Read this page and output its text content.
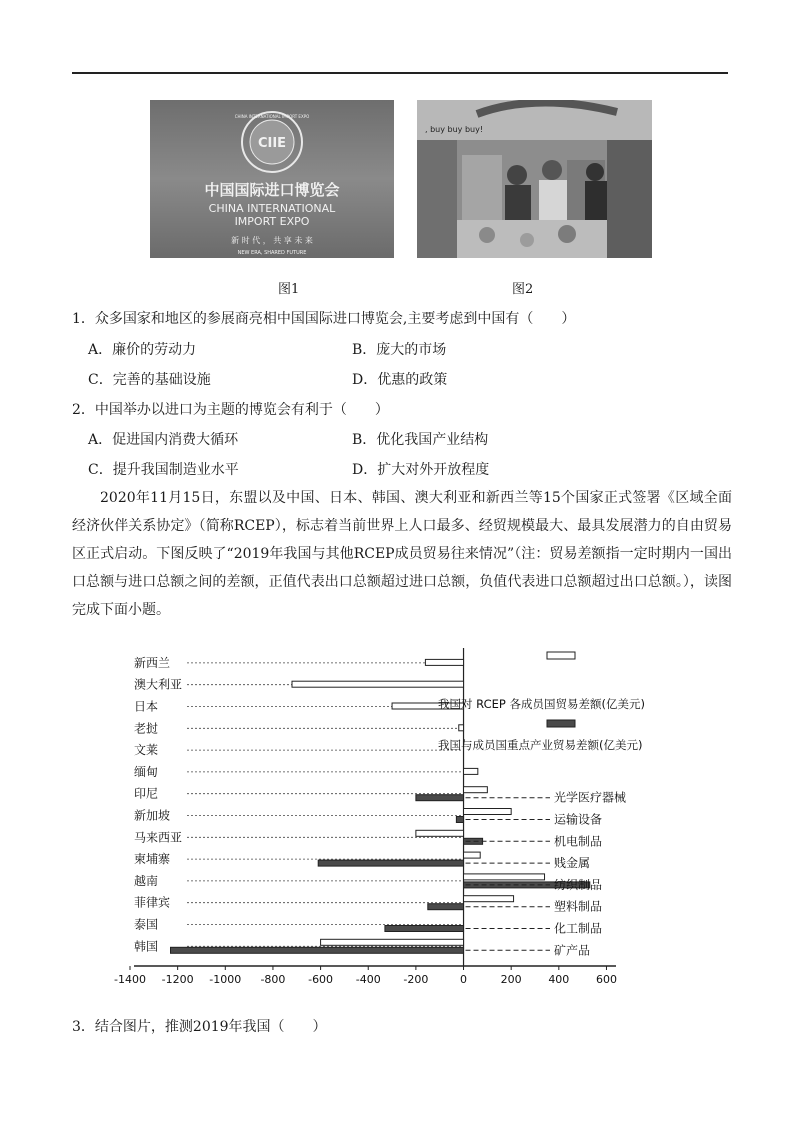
CIIE
CHINA INTERNATIONAL IMPORT EXPO
中国国际进口博览会
CHINA INTERNATIONAL
IMPORT EXPO
新 时 代 ， 共 享 未 来
NEW ERA, SHARED FUTURE
图1
, buy buy buy!
图2
1．众多国家和地区的参展商亮相中国国际进口博览会,主要考虑到中国有（　　）
A．廉价的劳动力	B．庞大的市场
C．完善的基础设施	D．优惠的政策
2．中国举办以进口为主题的博览会有利于（　　）
A．促进国内消费大循环	B．优化我国产业结构
C．提升我国制造业水平	D．扩大对外开放程度
2020年11月15日，东盟以及中国、日本、韩国、澳大利亚和新西兰等15个国家正式签署《区域全面经济伙伴关系协定》（简称RCEP），标志着当前世界上人口最多、经贸规模最大、最具发展潜力的自由贸易区正式启动。下图反映了“2019年我国与其他RCEP成员贸易往来情况”（注：贸易差额指一定时期内一国出口总额与进口总额之间的差额，正值代表出口总额超过进口总额，负值代表进口总额超过出口总额。），读图完成下面小题。
新西兰
澳大利亚
日本
老挝
文莱
缅甸
印尼
新加坡
马来西亚
柬埔寨
越南
菲律宾
泰国
韩国
光学医疗器械
运输设备
机电制品
贱金属
纺织制品
塑料制品
化工制品
矿产品
-1400 -1200 -1000 -800 -600 -400 -200	0	200 400 600
我国对 RCEP 各成员国贸易差额(亿美元)
我国与成员国重点产业贸易差额(亿美元)
3．结合图片，推测2019年我国（　　）
